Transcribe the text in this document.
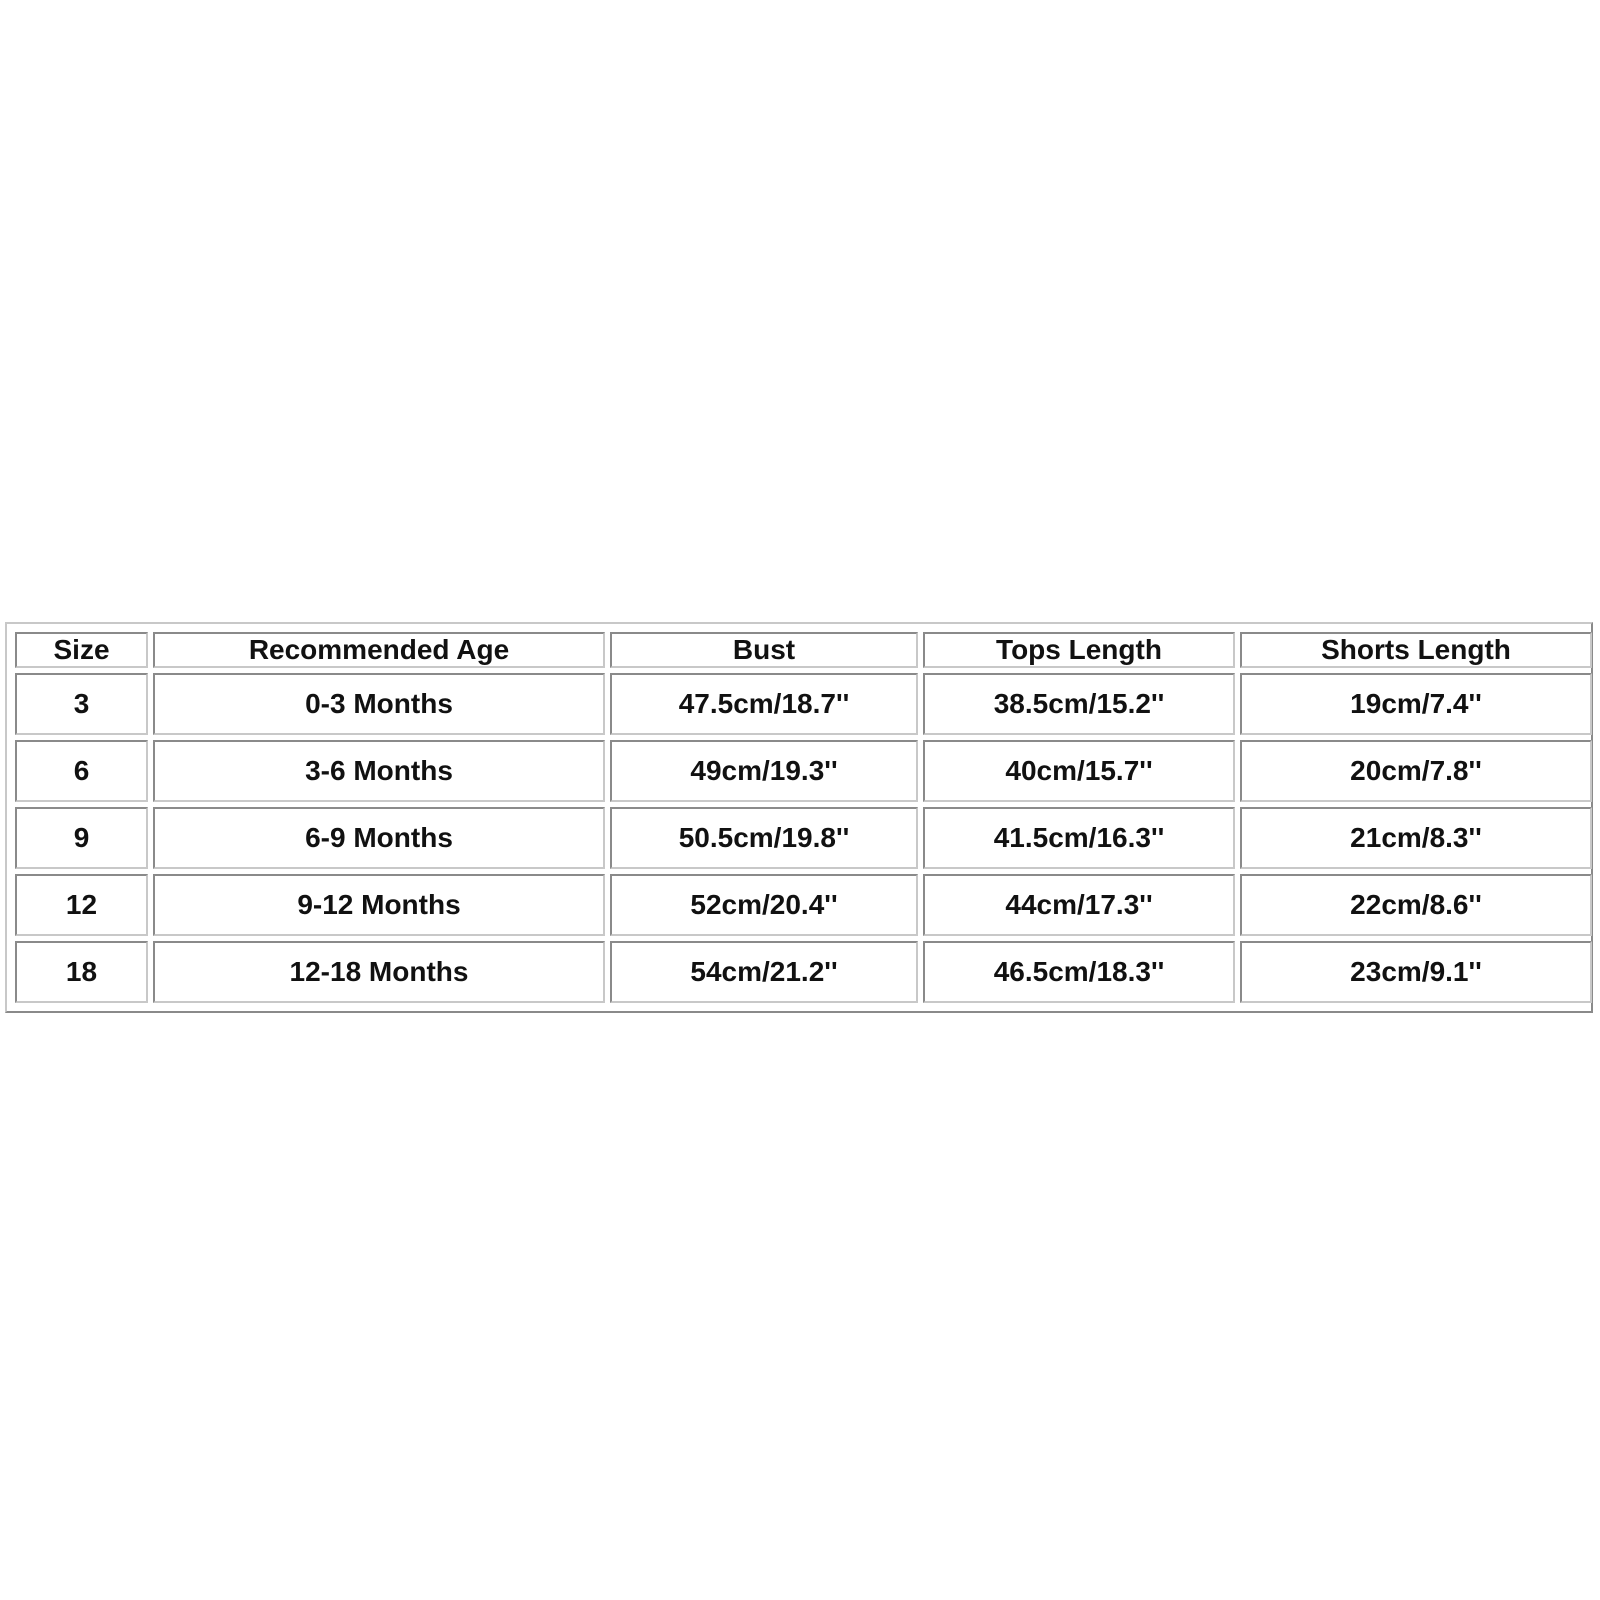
Size	Recommended Age	Bust	Tops Length	Shorts Length
3	0-3 Months	47.5cm/18.7''	38.5cm/15.2''	19cm/7.4''
6	3-6 Months	49cm/19.3''	40cm/15.7''	20cm/7.8''
9	6-9 Months	50.5cm/19.8''	41.5cm/16.3''	21cm/8.3''
12	9-12 Months	52cm/20.4''	44cm/17.3''	22cm/8.6''
18	12-18 Months	54cm/21.2''	46.5cm/18.3''	23cm/9.1''
